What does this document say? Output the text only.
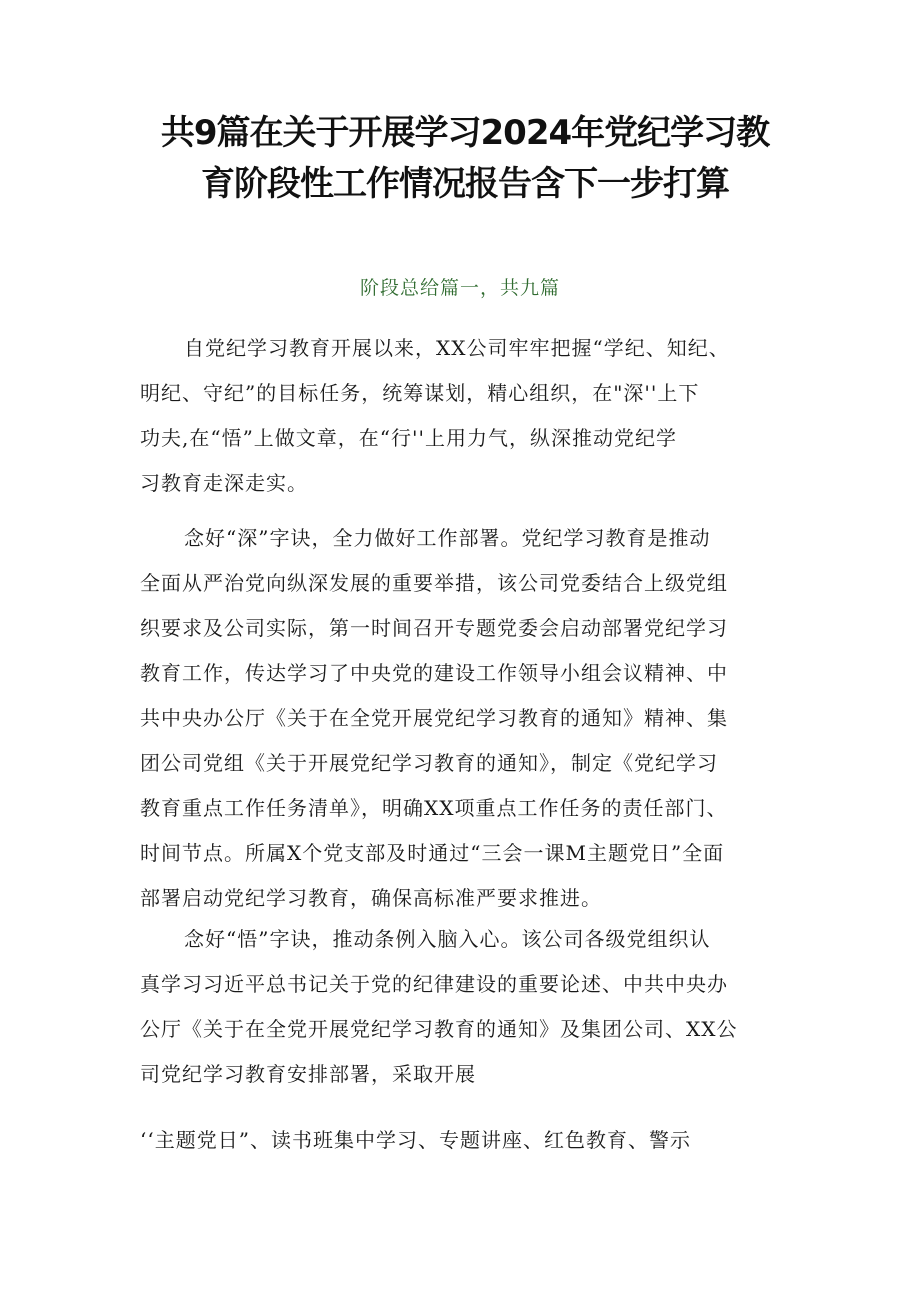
共9篇在关于开展学习2024年党纪学习教
育阶段性工作情况报告含下一步打算
阶段总给篇一，共九篇

自党纪学习教育开展以来，XX公司牢牢把握“学纪、知纪、
明纪、守纪”的目标任务，统筹谋划，精心组织，在"深''上下
功夫,在“悟”上做文章，在“行''上用力气，纵深推动党纪学
习教育走深走实。

念好“深”字诀，全力做好工作部署。党纪学习教育是推动
全面从严治党向纵深发展的重要举措，该公司党委结合上级党组
织要求及公司实际，第一时间召开专题党委会启动部署党纪学习
教育工作，传达学习了中央党的建设工作领导小组会议精神、中
共中央办公厅《关于在全党开展党纪学习教育的通知》精神、集
团公司党组《关于开展党纪学习教育的通知》，制定《党纪学习
教育重点工作任务清单》，明确XX项重点工作任务的责任部门、
时间节点。所属X个党支部及时通过“三会一课M主题党日”全面
部署启动党纪学习教育，确保高标准严要求推进。

念好“悟”字诀，推动条例入脑入心。该公司各级党组织认
真学习习近平总书记关于党的纪律建设的重要论述、中共中央办
公厅《关于在全党开展党纪学习教育的通知》及集团公司、XX公
司党纪学习教育安排部署，采取开展

‘‘主题党日”、读书班集中学习、专题讲座、红色教育、警示
